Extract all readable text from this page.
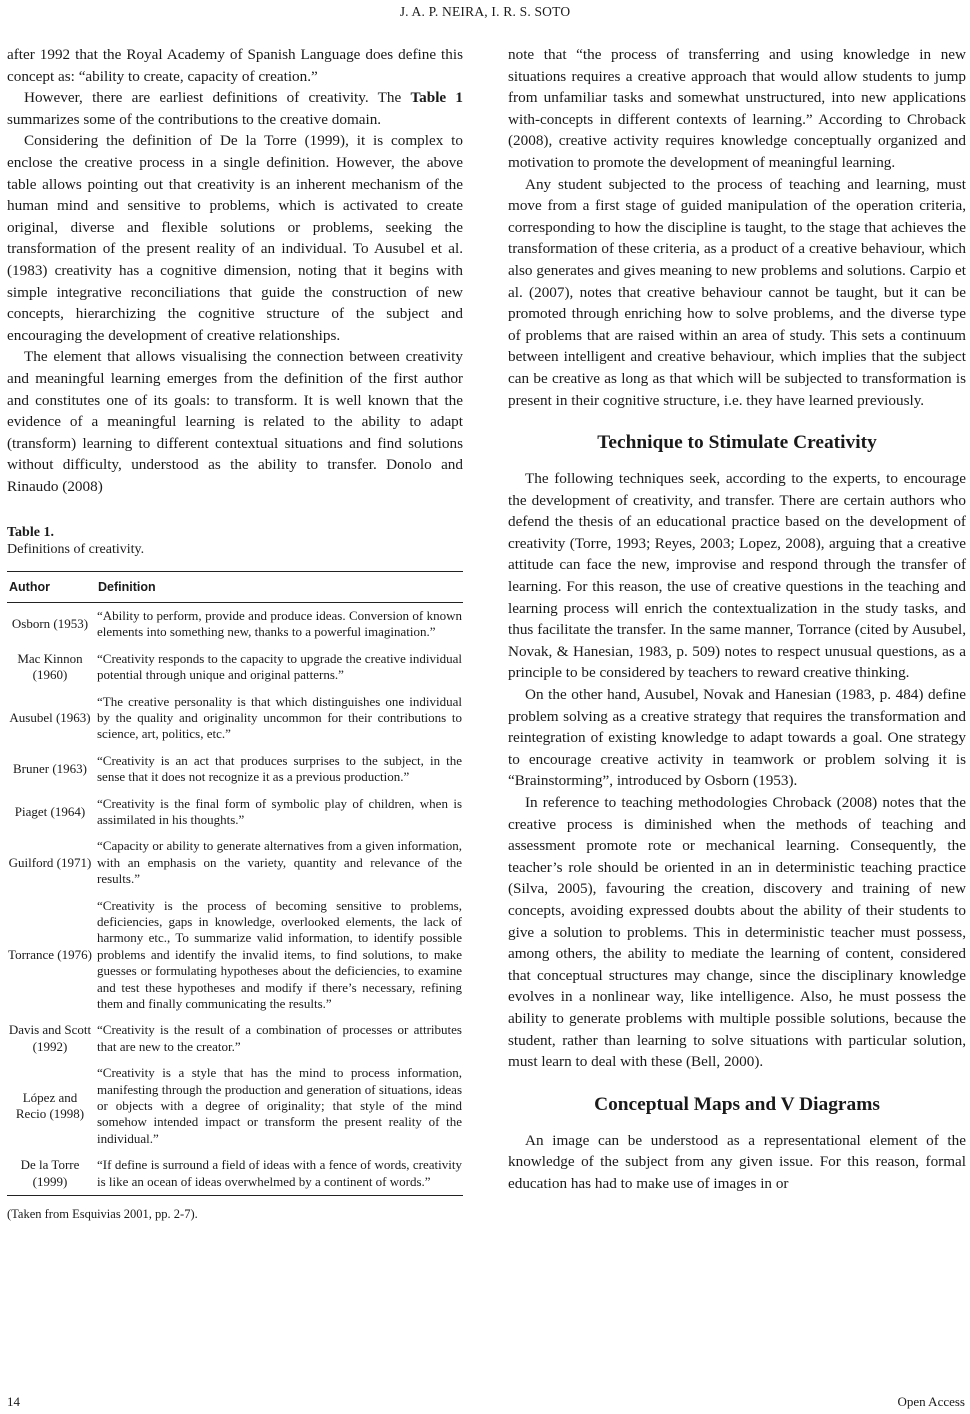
J. A. P. NEIRA, I. R. S. SOTO

after 1992 that the Royal Academy of Spanish Language does define this concept as: “ability to create, capacity of creation.”

However, there are earliest definitions of creativity. The Table 1 summarizes some of the contributions to the creative domain.

Considering the definition of De la Torre (1999), it is complex to enclose the creative process in a single definition. However, the above table allows pointing out that creativity is an inherent mechanism of the human mind and sensitive to problems, which is activated to create original, diverse and flexible solutions or problems, seeking the transformation of the present reality of an individual. To Ausubel et al. (1983) creativity has a cognitive dimension, noting that it begins with simple integrative reconciliations that guide the construction of new concepts, hierarchizing the cognitive structure of the subject and encouraging the development of creative relationships.

The element that allows visualising the connection between creativity and meaningful learning emerges from the definition of the first author and constitutes one of its goals: to transform. It is well known that the evidence of a meaningful learning is related to the ability to adapt (transform) learning to different contextual situations and find solutions without difficulty, understood as the ability to transfer. Donolo and Rinaudo (2008)

Table 1.
Definitions of creativity.
Author	Definition
Osborn (1953)	“Ability to perform, provide and produce ideas. Conversion of known elements into something new, thanks to a powerful imagination.”
Mac Kinnon (1960)	“Creativity responds to the capacity to upgrade the creative individual potential through unique and original patterns.”
Ausubel (1963)	“The creative personality is that which distinguishes one individual by the quality and originality uncommon for their contributions to science, art, politics, etc.”
Bruner (1963)	“Creativity is an act that produces surprises to the subject, in the sense that it does not recognize it as a previous production.”
Piaget (1964)	“Creativity is the final form of symbolic play of children, when is assimilated in his thoughts.”
Guilford (1971)	“Capacity or ability to generate alternatives from a given information, with an emphasis on the variety, quantity and relevance of the results.”
Torrance (1976)	“Creativity is the process of becoming sensitive to problems, deficiencies, gaps in knowledge, overlooked elements, the lack of harmony etc., To summarize valid information, to identify possible problems and identify the invalid items, to find solutions, to make guesses or formulating hypotheses about the deficiencies, to examine and test these hypotheses and modify if there’s necessary, refining them and finally communicating the results.”
Davis and Scott (1992)	“Creativity is the result of a combination of processes or attributes that are new to the creator.”
López and Recio (1998)	“Creativity is a style that has the mind to process information, manifesting through the production and generation of situations, ideas or objects with a degree of originality; that style of the mind somehow intended impact or transform the present reality of the individual.”
De la Torre (1999)	“If define is surround a field of ideas with a fence of words, creativity is like an ocean of ideas overwhelmed by a continent of words.”
(Taken from Esquivias 2001, pp. 2-7).

note that “the process of transferring and using knowledge in new situations requires a creative approach that would allow students to jump from unfamiliar tasks and somewhat unstructured, into new applications with-concepts in different contexts of learning.” According to Chroback (2008), creative activity requires knowledge conceptually organized and motivation to promote the development of meaningful learning.

Any student subjected to the process of teaching and learning, must move from a first stage of guided manipulation of the operation criteria, corresponding to how the discipline is taught, to the stage that achieves the transformation of these criteria, as a product of a creative behaviour, which also generates and gives meaning to new problems and solutions. Carpio et al. (2007), notes that creative behaviour cannot be taught, but it can be promoted through enriching how to solve problems, and the diverse type of problems that are raised within an area of study. This sets a continuum between intelligent and creative behaviour, which implies that the subject can be creative as long as that which will be subjected to transformation is present in their cognitive structure, i.e. they have learned previously.

Technique to Stimulate Creativity

The following techniques seek, according to the experts, to encourage the development of creativity, and transfer. There are certain authors who defend the thesis of an educational practice based on the development of creativity (Torre, 1993; Reyes, 2003; Lopez, 2008), arguing that a creative attitude can face the new, improvise and respond through the transfer of learning. For this reason, the use of creative questions in the teaching and learning process will enrich the contextualization in the study tasks, and thus facilitate the transfer. In the same manner, Torrance (cited by Ausubel, Novak, & Hanesian, 1983, p. 509) notes to respect unusual questions, as a principle to be considered by teachers to reward creative thinking.

On the other hand, Ausubel, Novak and Hanesian (1983, p. 484) define problem solving as a creative strategy that requires the transformation and reintegration of existing knowledge to adapt towards a goal. One strategy to encourage creative activity in teamwork or problem solving it is “Brainstorming”, introduced by Osborn (1953).

In reference to teaching methodologies Chroback (2008) notes that the creative process is diminished when the methods of teaching and assessment promote rote or mechanical learning. Consequently, the teacher’s role should be oriented in an in deterministic teaching practice (Silva, 2005), favouring the creation, discovery and training of new concepts, avoiding expressed doubts about the ability of their students to give a solution to problems. This in deterministic teacher must possess, among others, the ability to mediate the learning of content, considered that conceptual structures may change, since the disciplinary knowledge evolves in a nonlinear way, like intelligence. Also, he must possess the ability to generate problems with multiple possible solutions, because the student, rather than learning to solve situations with particular solution, must learn to deal with these (Bell, 2000).

Conceptual Maps and V Diagrams

An image can be understood as a representational element of the knowledge of the subject from any given issue. For this reason, formal education has had to make use of images in or

14	Open Access
